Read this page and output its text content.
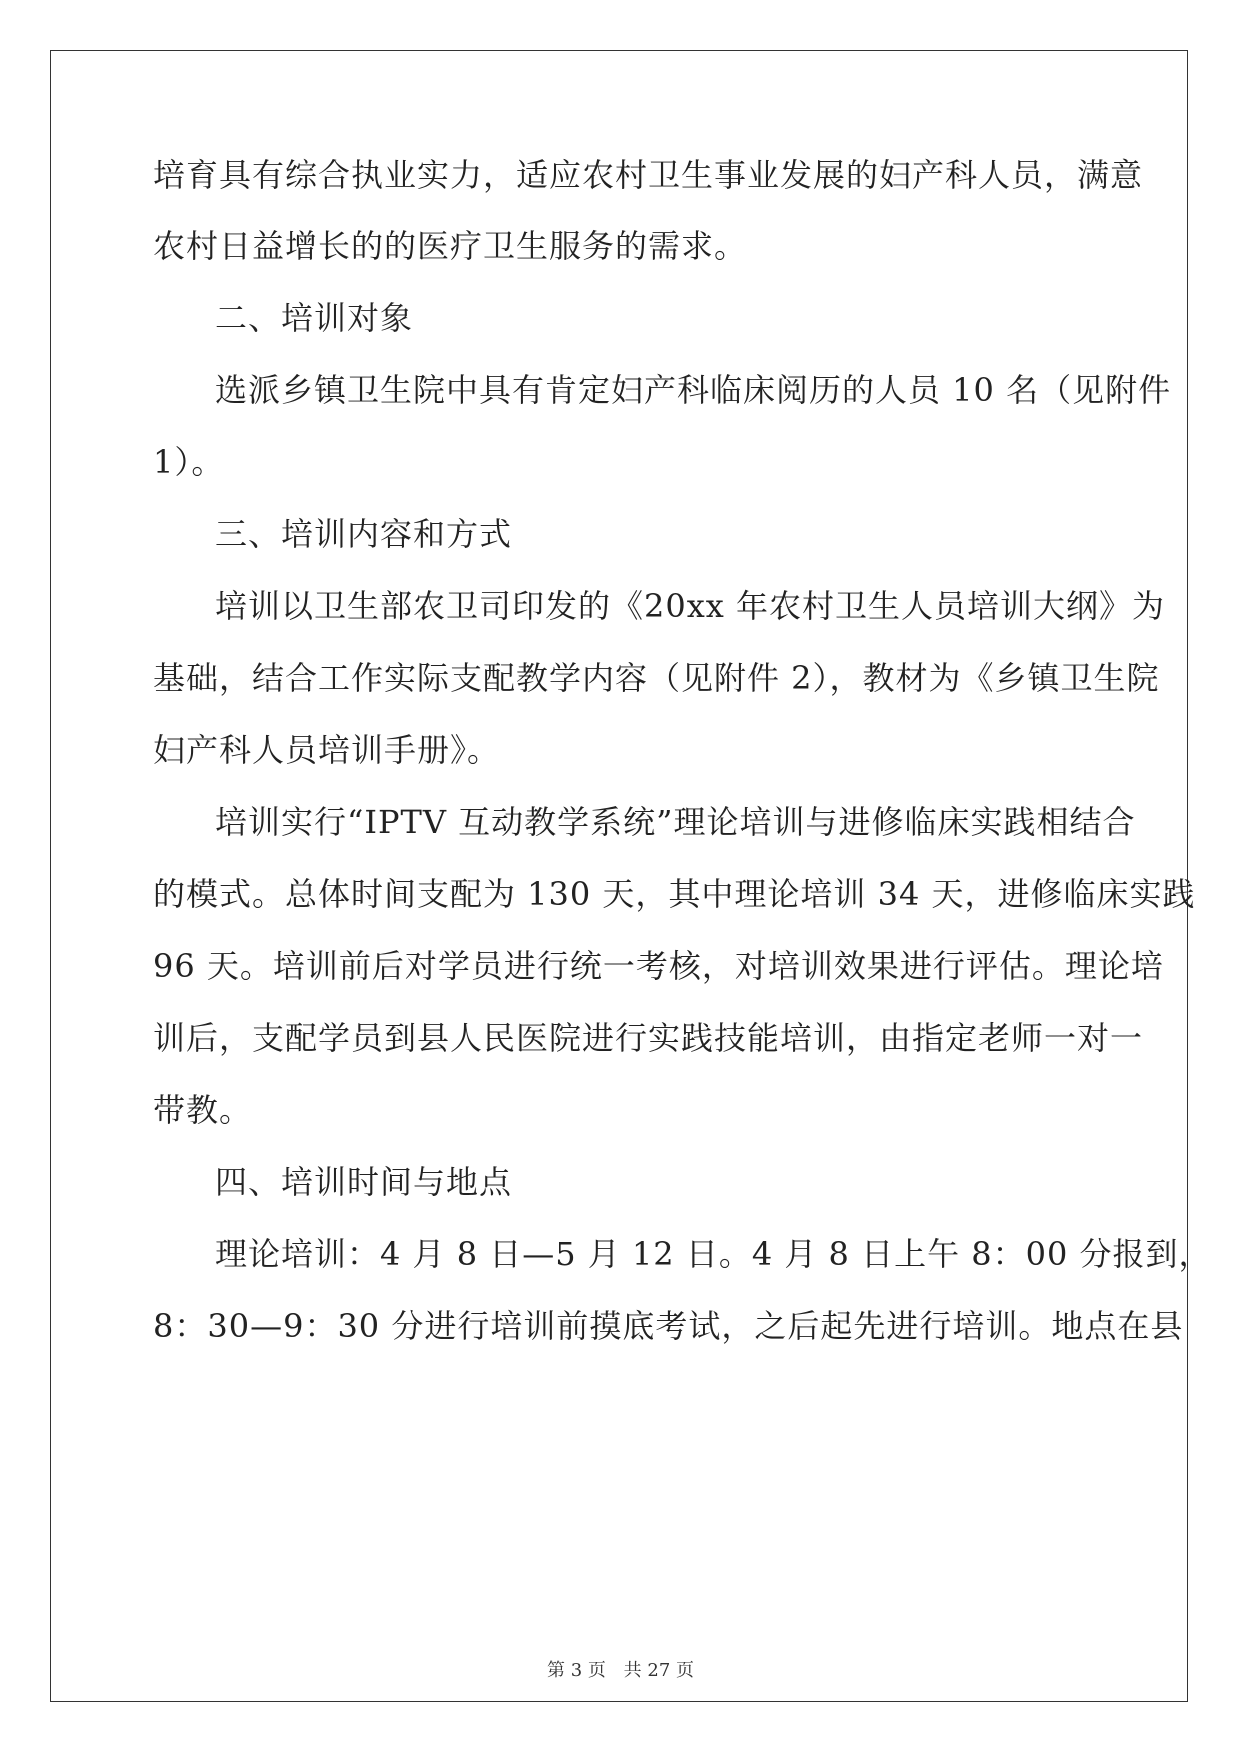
培育具有综合执业实力，适应农村卫生事业发展的妇产科人员，满意
农村日益增长的的医疗卫生服务的需求。
二、培训对象
选派乡镇卫生院中具有肯定妇产科临床阅历的人员 10 名（见附件
1）。
三、培训内容和方式
培训以卫生部农卫司印发的《20xx 年农村卫生人员培训大纲》为
基础，结合工作实际支配教学内容（见附件 2），教材为《乡镇卫生院
妇产科人员培训手册》。
培训实行“IPTV 互动教学系统”理论培训与进修临床实践相结合
的模式。总体时间支配为 130 天，其中理论培训 34 天，进修临床实践
96 天。培训前后对学员进行统一考核，对培训效果进行评估。理论培
训后，支配学员到县人民医院进行实践技能培训，由指定老师一对一
带教。
四、培训时间与地点
理论培训：4 月 8 日—5 月 12 日。4 月 8 日上午 8：00 分报到，
8：30—9：30 分进行培训前摸底考试，之后起先进行培训。地点在县
第 3 页 共 27 页
